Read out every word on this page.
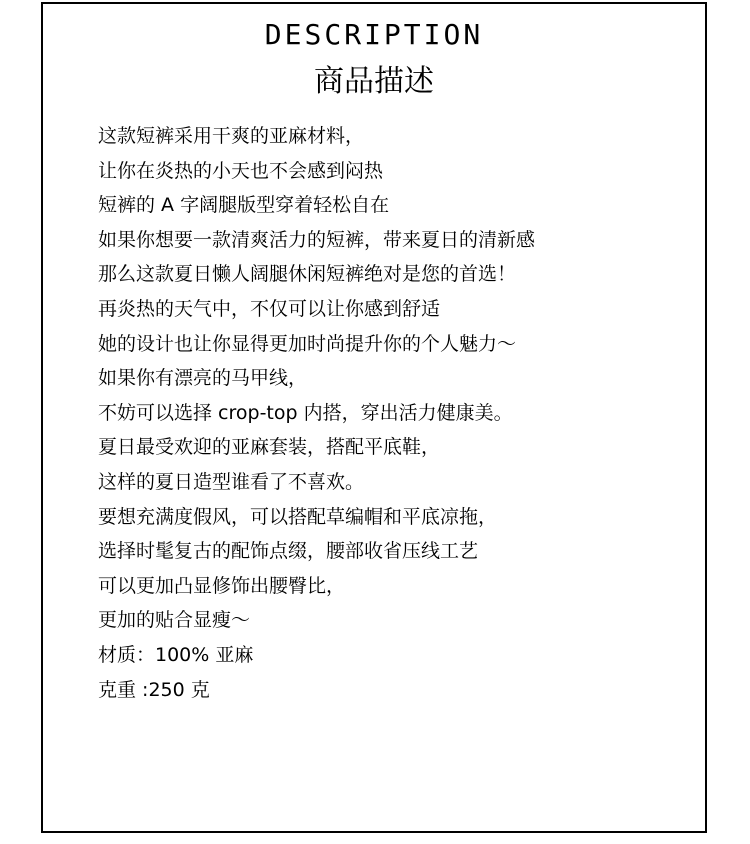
DESCRIPTION
商品描述
这款短裤采用干爽的亚麻材料，
让你在炎热的小天也不会感到闷热
短裤的 A 字阔腿版型穿着轻松自在
如果你想要一款清爽活力的短裤，带来夏日的清新感
那么这款夏日懒人阔腿休闲短裤绝对是您的首选！
再炎热的天气中，不仅可以让你感到舒适
她的设计也让你显得更加时尚提升你的个人魅力～
如果你有漂亮的马甲线，
不妨可以选择 crop-top 内搭，穿出活力健康美。
夏日最受欢迎的亚麻套装，搭配平底鞋，
这样的夏日造型谁看了不喜欢。
要想充满度假风，可以搭配草编帽和平底凉拖，
选择时髦复古的配饰点缀，腰部收省压线工艺
可以更加凸显修饰出腰臀比，
更加的贴合显瘦～
材质：100% 亚麻
克重 :250 克
